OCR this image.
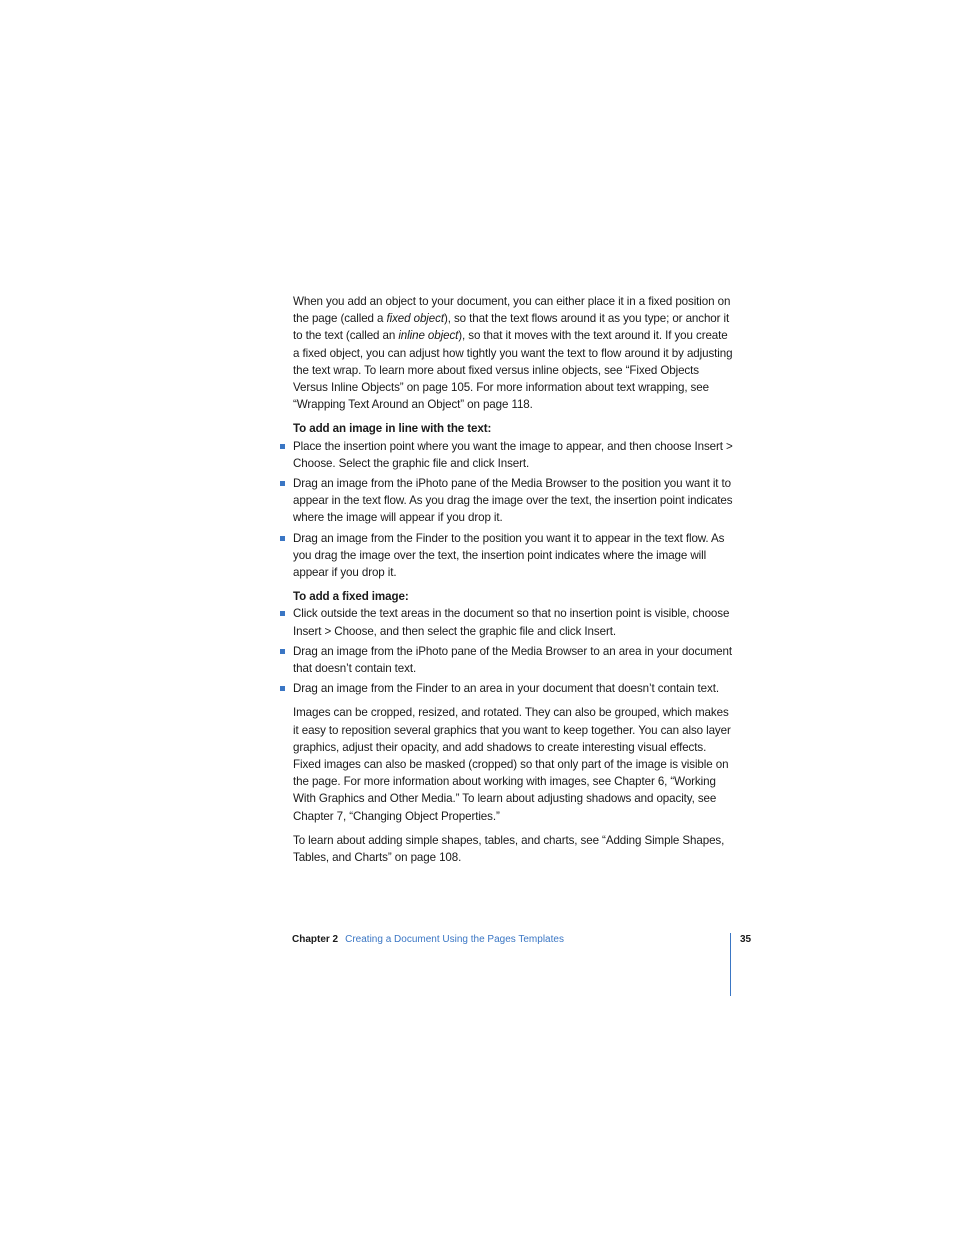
When you add an object to your document, you can either place it in a fixed position on the page (called a fixed object), so that the text flows around it as you type; or anchor it to the text (called an inline object), so that it moves with the text around it. If you create a fixed object, you can adjust how tightly you want the text to flow around it by adjusting the text wrap. To learn more about fixed versus inline objects, see “Fixed Objects Versus Inline Objects” on page 105. For more information about text wrapping, see “Wrapping Text Around an Object” on page 118.

To add an image in line with the text:

Place the insertion point where you want the image to appear, and then choose Insert > Choose. Select the graphic file and click Insert.
Drag an image from the iPhoto pane of the Media Browser to the position you want it to appear in the text flow. As you drag the image over the text, the insertion point indicates where the image will appear if you drop it.
Drag an image from the Finder to the position you want it to appear in the text flow. As you drag the image over the text, the insertion point indicates where the image will appear if you drop it.

To add a fixed image:

Click outside the text areas in the document so that no insertion point is visible, choose Insert > Choose, and then select the graphic file and click Insert.
Drag an image from the iPhoto pane of the Media Browser to an area in your document that doesn’t contain text.
Drag an image from the Finder to an area in your document that doesn’t contain text.

Images can be cropped, resized, and rotated. They can also be grouped, which makes it easy to reposition several graphics that you want to keep together. You can also layer graphics, adjust their opacity, and add shadows to create interesting visual effects. Fixed images can also be masked (cropped) so that only part of the image is visible on the page. For more information about working with images, see Chapter 6, “Working With Graphics and Other Media.” To learn about adjusting shadows and opacity, see Chapter 7, “Changing Object Properties.”

To learn about adding simple shapes, tables, and charts, see “Adding Simple Shapes, Tables, and Charts” on page 108.

Chapter 2 Creating a Document Using the Pages Templates	35
